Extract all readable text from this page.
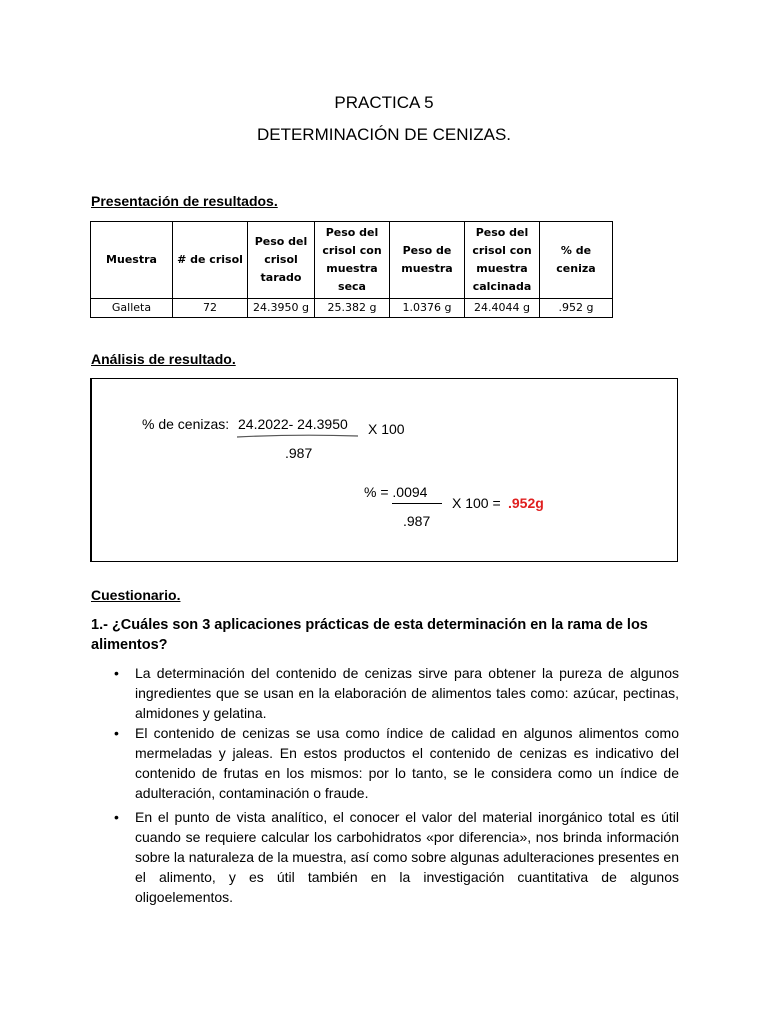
PRACTICA 5
DETERMINACIÓN DE CENIZAS.
Presentación de resultados.
Muestra	# de crisol	Peso del crisol tarado	Peso del crisol con muestra seca	Peso de muestra	Peso del crisol con muestra calcinada	% de ceniza
Galleta	72	24.3950 g	25.382 g	1.0376 g	24.4044 g	.952 g
Análisis de resultado.
% de cenizas: 24.2022- 24.3950 X 100
.987
% = .0094
X 100 = .952g
.987
Cuestionario.
1.- ¿Cuáles son 3 aplicaciones prácticas de esta determinación en la rama de los alimentos?
• La determinación del contenido de cenizas sirve para obtener la pureza de algunos ingredientes que se usan en la elaboración de alimentos tales como: azúcar, pectinas, almidones y gelatina.
• El contenido de cenizas se usa como índice de calidad en algunos alimentos como mermeladas y jaleas. En estos productos el contenido de cenizas es indicativo del contenido de frutas en los mismos: por lo tanto, se le considera como un índice de adulteración, contaminación o fraude.
• En el punto de vista analítico, el conocer el valor del material inorgánico total es útil cuando se requiere calcular los carbohidratos «por diferencia», nos brinda información sobre la naturaleza de la muestra, así como sobre algunas adulteraciones presentes en el alimento, y es útil también en la investigación cuantitativa de algunos oligoelementos.
